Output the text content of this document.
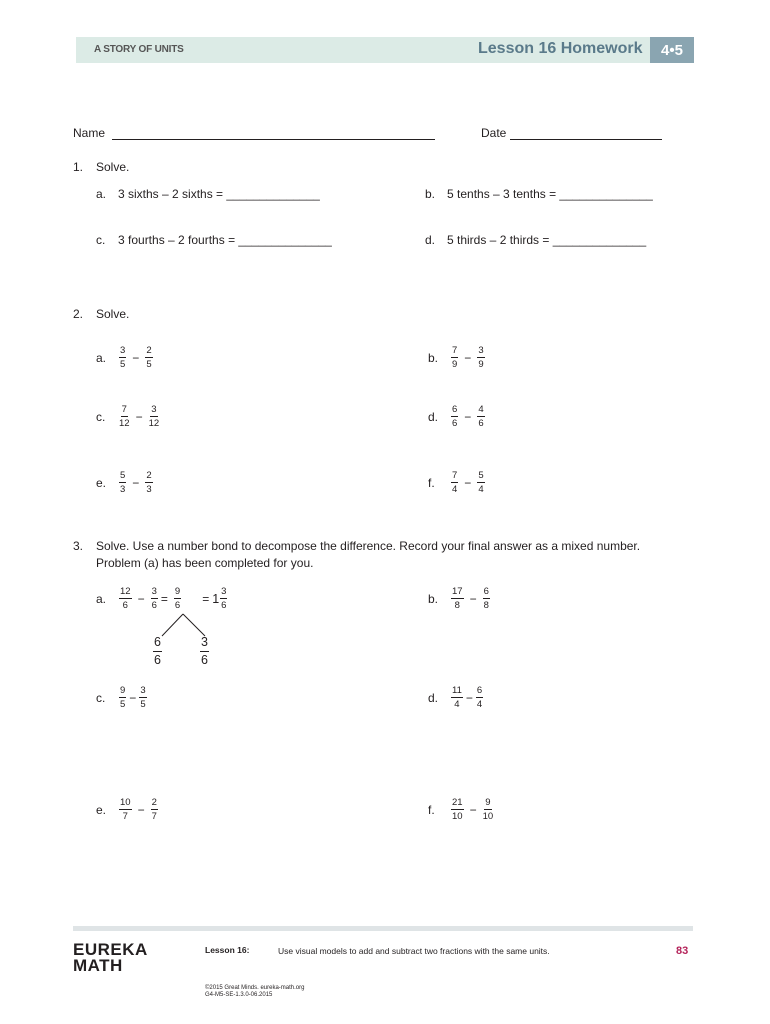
A STORY OF UNITS	Lesson 16 Homework	4•5
Name	Date
1. Solve.
a. 3 sixths – 2 sixths = ______________	b. 5 tenths – 3 tenths = ______________
c. 3 fourths – 2 fourths = ______________	d. 5 thirds – 2 thirds = ______________
2. Solve.
a.	$\frac{3}{5} - \frac{2}{5}$	b.	$\frac{7}{9} - \frac{3}{9}$
c.	$\frac{7}{12} - \frac{3}{12}$	d.	$\frac{6}{6} - \frac{4}{6}$
e.	$\frac{5}{3} - \frac{2}{3}$	f.	$\frac{7}{4} - \frac{5}{4}$
3. Solve. Use a number bond to decompose the difference. Record your final answer as a mixed number.
Problem (a) has been completed for you.
a.	$\frac{12}{6} - \frac{3}{6} = \frac{9}{6} = 1 \frac{3}{6}$
$\frac{6}{6}$	$\frac{3}{6}$
b.	$\frac{17}{8} - \frac{6}{8}$
c.	$\frac{9}{5} - \frac{3}{5}$	d.	$\frac{11}{4} - \frac{6}{4}$
e.	$\frac{10}{7} - \frac{2}{7}$	f.	$\frac{21}{10} - \frac{9}{10}$
EUREKA
MATH
Lesson 16:	Use visual models to add and subtract two fractions with the same units.	83
©2015 Great Minds. eureka-math.org
G4-M5-SE-1.3.0-06.2015
